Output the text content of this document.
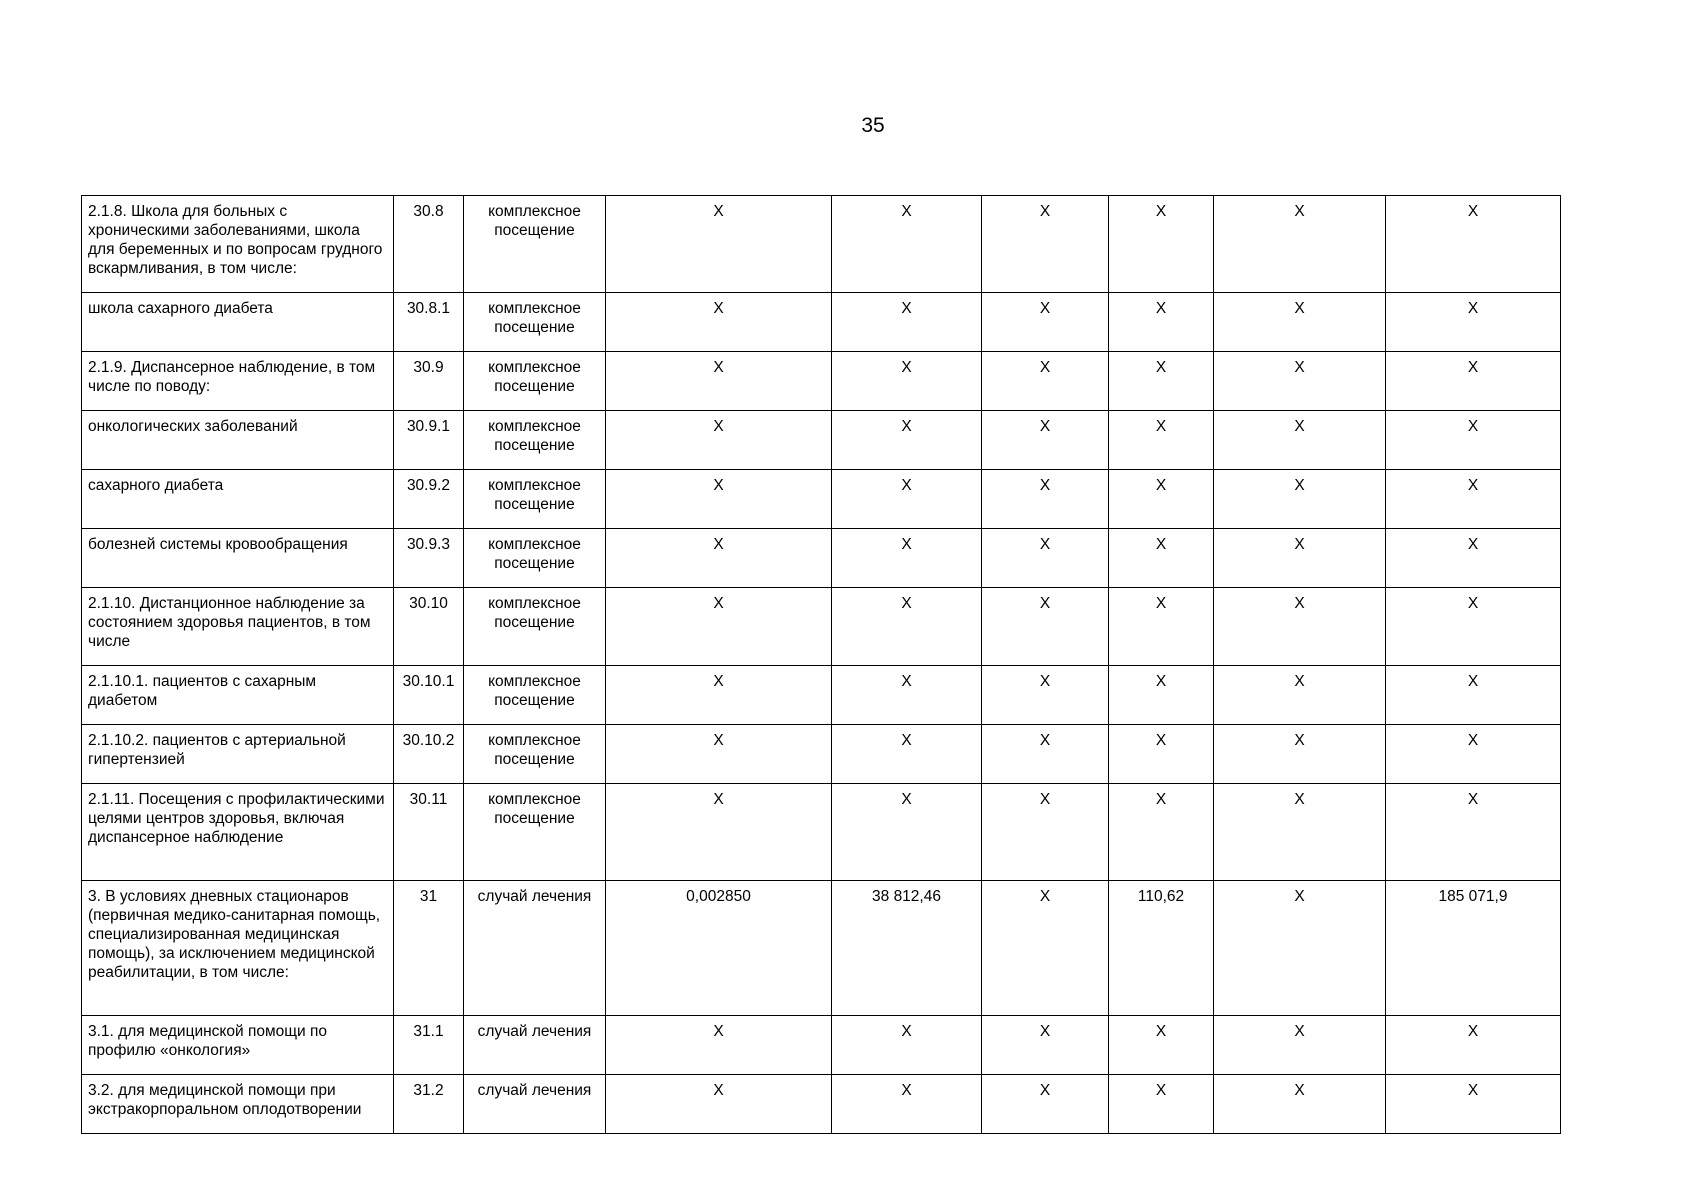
35
2.1.8. Школа для больных с хроническими заболеваниями, школа для беременных и по вопросам грудного вскармливания, в том числе:	30.8	комплексное посещение	X	X	X	X	X	X
школа сахарного диабета	30.8.1	комплексное посещение	X	X	X	X	X	X
2.1.9. Диспансерное наблюдение, в том числе по поводу:	30.9	комплексное посещение	X	X	X	X	X	X
онкологических заболеваний	30.9.1	комплексное посещение	X	X	X	X	X	X
сахарного диабета	30.9.2	комплексное посещение	X	X	X	X	X	X
болезней системы кровообращения	30.9.3	комплексное посещение	X	X	X	X	X	X
2.1.10. Дистанционное наблюдение за состоянием здоровья пациентов, в том числе	30.10	комплексное посещение	X	X	X	X	X	X
2.1.10.1. пациентов с сахарным диабетом	30.10.1	комплексное посещение	X	X	X	X	X	X
2.1.10.2. пациентов с артериальной гипертензией	30.10.2	комплексное посещение	X	X	X	X	X	X
2.1.11. Посещения с профилактическими целями центров здоровья, включая диспансерное наблюдение	30.11	комплексное посещение	X	X	X	X	X	X
3. В условиях дневных стационаров (первичная медико-санитарная помощь, специализированная медицинская помощь), за исключением медицинской реабилитации, в том числе:	31	случай лечения	0,002850	38 812,46	X	110,62	X	185 071,9
3.1. для медицинской помощи по профилю «онкология»	31.1	случай лечения	X	X	X	X	X	X
3.2. для медицинской помощи при экстракорпоральном оплодотворении	31.2	случай лечения	X	X	X	X	X	X
